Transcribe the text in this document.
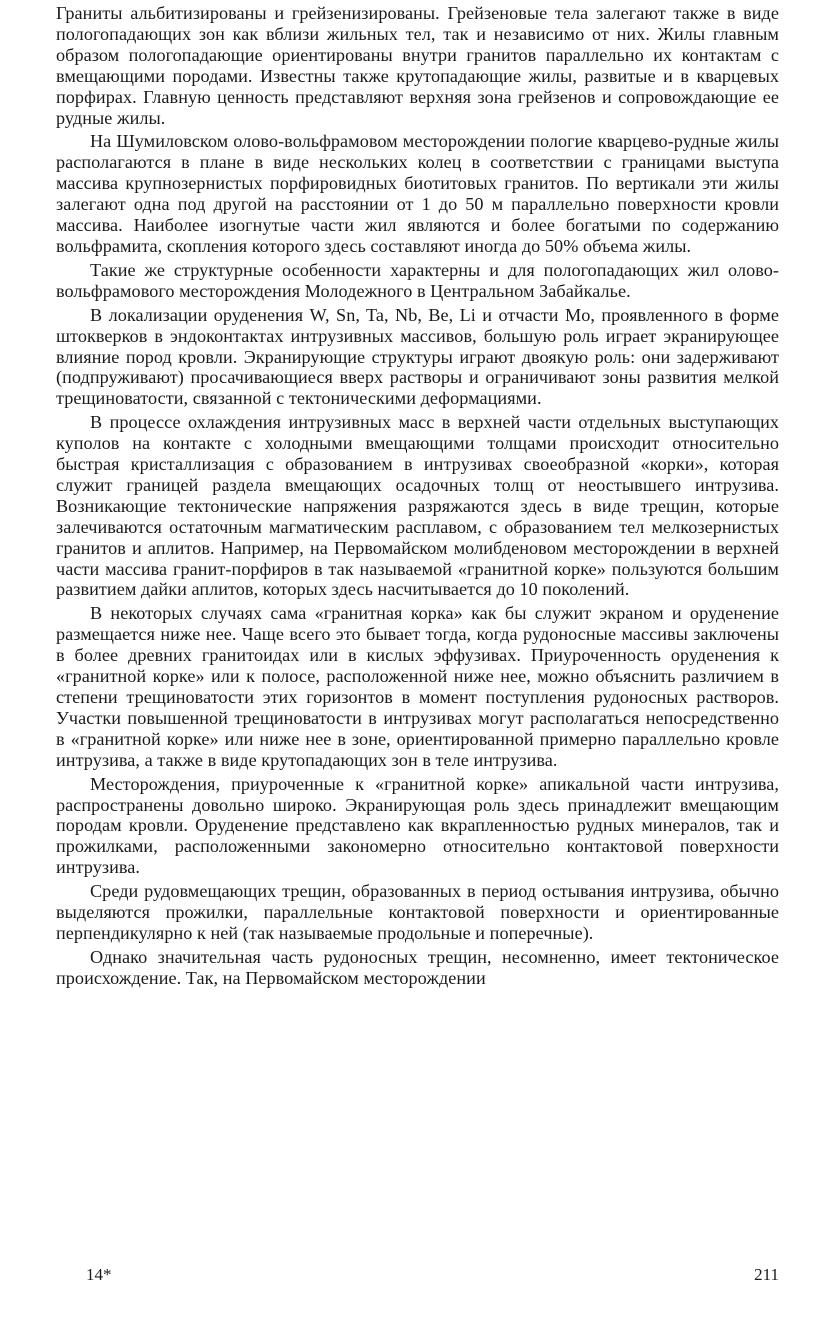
Граниты альбитизированы и грейзенизированы. Грейзеновые тела залегают также в виде пологопадающих зон как вблизи жильных тел, так и независимо от них. Жилы главным образом пологопадающие ориентированы внутри гранитов параллельно их контактам с вмещающими породами. Известны также крутопадающие жилы, развитые и в кварцевых порфирах. Главную ценность представляют верхняя зона грейзенов и сопровождающие ее рудные жилы.

На Шумиловском олово-вольфрамовом месторождении пологие кварцево-рудные жилы располагаются в плане в виде нескольких колец в соответствии с границами выступа массива крупнозернистых порфировидных биотитовых гранитов. По вертикали эти жилы залегают одна под другой на расстоянии от 1 до 50 м параллельно поверхности кровли массива. Наиболее изогнутые части жил являются и более богатыми по содержанию вольфрамита, скопления которого здесь составляют иногда до 50% объема жилы.

Такие же структурные особенности характерны и для пологопадающих жил олово-вольфрамового месторождения Молодежного в Центральном Забайкалье.

В локализации оруденения W, Sn, Ta, Nb, Be, Li и отчасти Mo, проявленного в форме штокверков в эндоконтактах интрузивных массивов, большую роль играет экранирующее влияние пород кровли. Экранирующие структуры играют двоякую роль: они задерживают (подпруживают) просачивающиеся вверх растворы и ограничивают зоны развития мелкой трещиноватости, связанной с тектоническими деформациями.

В процессе охлаждения интрузивных масс в верхней части отдельных выступающих куполов на контакте с холодными вмещающими толщами происходит относительно быстрая кристаллизация с образованием в интрузивах своеобразной «корки», которая служит границей раздела вмещающих осадочных толщ от неостывшего интрузива. Возникающие тектонические напряжения разряжаются здесь в виде трещин, которые залечиваются остаточным магматическим расплавом, с образованием тел мелкозернистых гранитов и аплитов. Например, на Первомайском молибденовом месторождении в верхней части массива гранит-порфиров в так называемой «гранитной корке» пользуются большим развитием дайки аплитов, которых здесь насчитывается до 10 поколений.

В некоторых случаях сама «гранитная корка» как бы служит экраном и оруденение размещается ниже нее. Чаще всего это бывает тогда, когда рудоносные массивы заключены в более древних гранитоидах или в кислых эффузивах. Приуроченность оруденения к «гранитной корке» или к полосе, расположенной ниже нее, можно объяснить различием в степени трещиноватости этих горизонтов в момент поступления рудоносных растворов. Участки повышенной трещиноватости в интрузивах могут располагаться непосредственно в «гранитной корке» или ниже нее в зоне, ориентированной примерно параллельно кровле интрузива, а также в виде крутопадающих зон в теле интрузива.

Месторождения, приуроченные к «гранитной корке» апикальной части интрузива, распространены довольно широко. Экранирующая роль здесь принадлежит вмещающим породам кровли. Оруденение представлено как вкрапленностью рудных минералов, так и прожилками, расположенными закономерно относительно контактовой поверхности интрузива.

Среди рудовмещающих трещин, образованных в период остывания интрузива, обычно выделяются прожилки, параллельные контактовой поверхности и ориентированные перпендикулярно к ней (так называемые продольные и поперечные).

Однако значительная часть рудоносных трещин, несомненно, имеет тектоническое происхождение. Так, на Первомайском месторождении

14*	211
